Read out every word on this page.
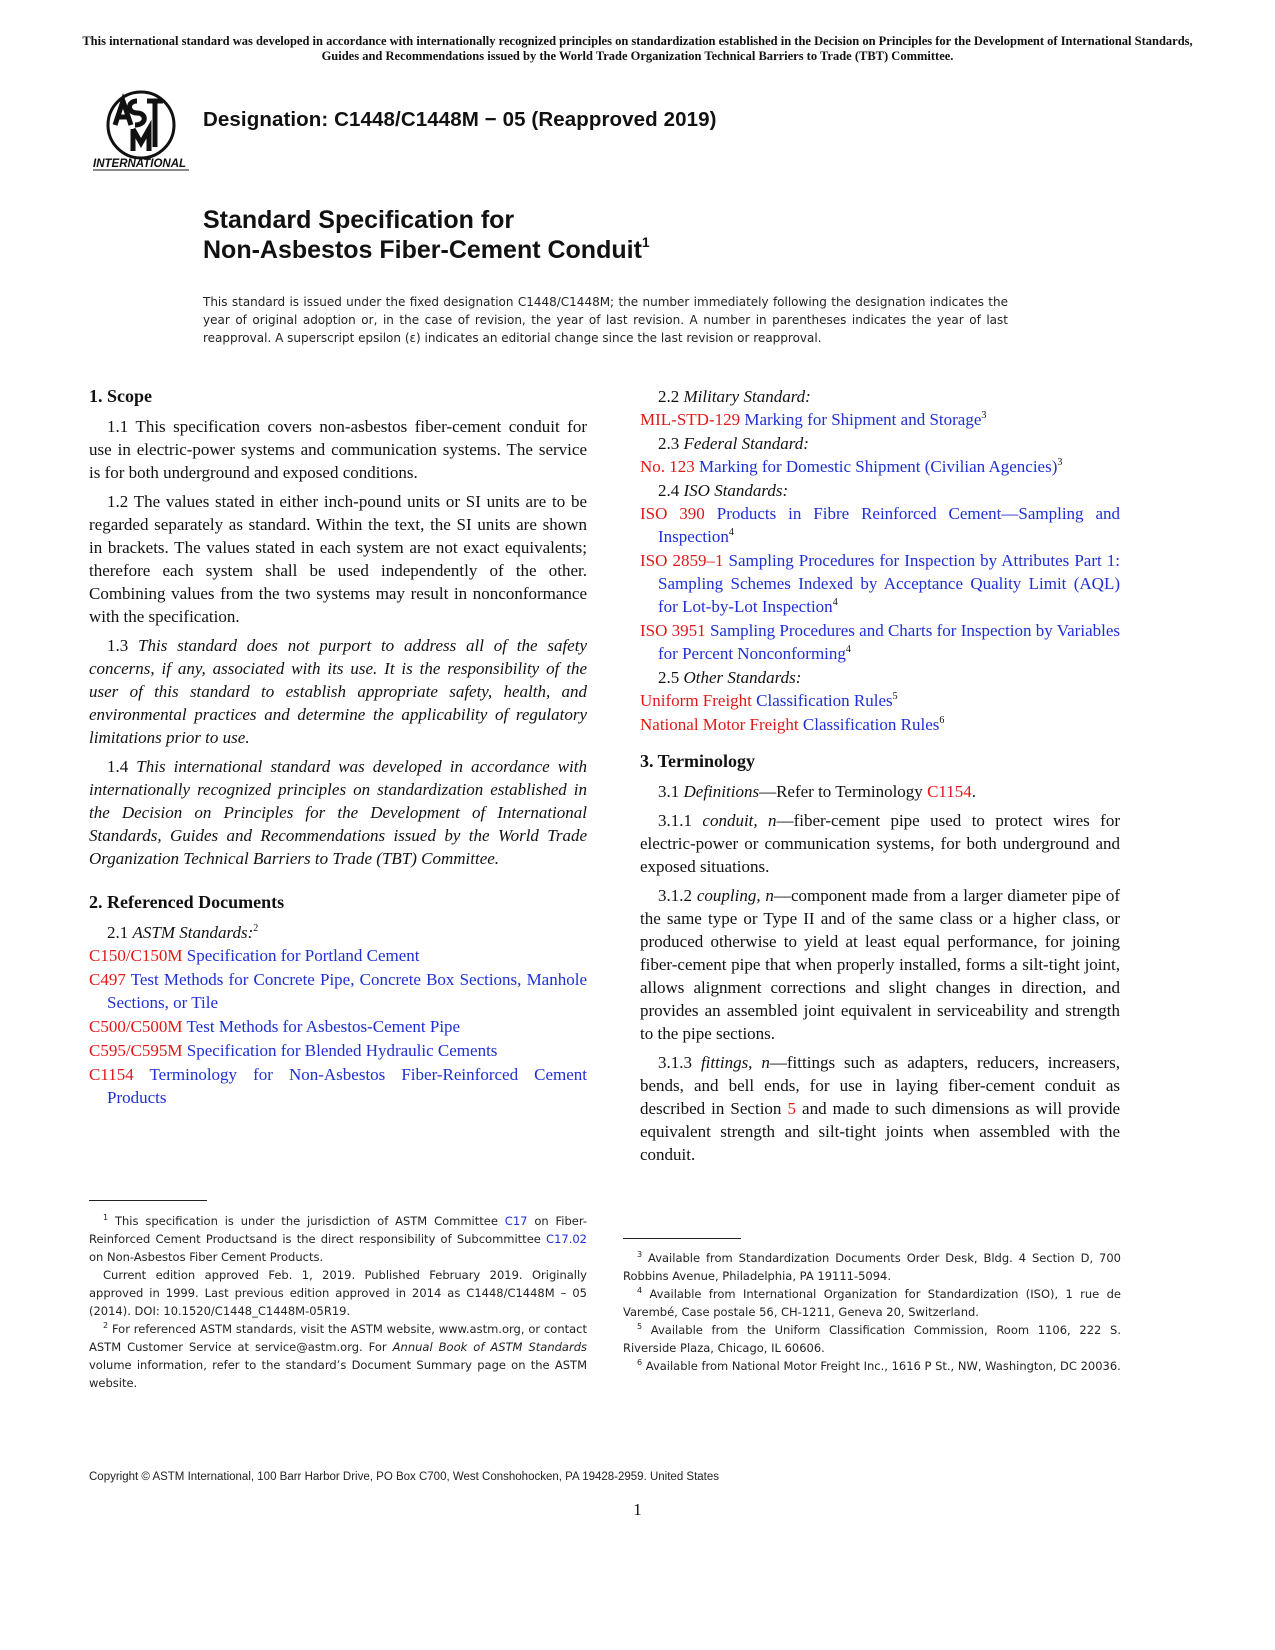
This international standard was developed in accordance with internationally recognized principles on standardization established in the Decision on Principles for the Development of International Standards, Guides and Recommendations issued by the World Trade Organization Technical Barriers to Trade (TBT) Committee.
INTERNATIONAL
Designation: C1448/C1448M − 05 (Reapproved 2019)
Standard Specification for
Non-Asbestos Fiber-Cement Conduit$^1$
This standard is issued under the fixed designation C1448/C1448M; the number immediately following the designation indicates the year of original adoption or, in the case of revision, the year of last revision. A number in parentheses indicates the year of last reapproval. A superscript epsilon (ε) indicates an editorial change since the last revision or reapproval.
1. Scope

1.1 This specification covers non-asbestos fiber-cement conduit for use in electric-power systems and communication systems. The service is for both underground and exposed conditions.

1.2 The values stated in either inch-pound units or SI units are to be regarded separately as standard. Within the text, the SI units are shown in brackets. The values stated in each system are not exact equivalents; therefore each system shall be used independently of the other. Combining values from the two systems may result in nonconformance with the specification.

1.3 This standard does not purport to address all of the safety concerns, if any, associated with its use. It is the responsibility of the user of this standard to establish appropriate safety, health, and environmental practices and determine the applicability of regulatory limitations prior to use.

1.4 This international standard was developed in accordance with internationally recognized principles on standardization established in the Decision on Principles for the Development of International Standards, Guides and Recommendations issued by the World Trade Organization Technical Barriers to Trade (TBT) Committee.

2. Referenced Documents

2.1 ASTM Standards:$^2$

C150/C150M Specification for Portland Cement

C497 Test Methods for Concrete Pipe, Concrete Box Sections, Manhole Sections, or Tile

C500/C500M Test Methods for Asbestos-Cement Pipe

C595/C595M Specification for Blended Hydraulic Cements

C1154 Terminology for Non-Asbestos Fiber-Reinforced Cement Products

2.2 Military Standard:

MIL-STD-129 Marking for Shipment and Storage$^3$

2.3 Federal Standard:

No. 123 Marking for Domestic Shipment (Civilian Agencies)$^3$

2.4 ISO Standards:

ISO 390 Products in Fibre Reinforced Cement—Sampling and Inspection$^4$

ISO 2859–1 Sampling Procedures for Inspection by Attributes Part 1: Sampling Schemes Indexed by Acceptance Quality Limit (AQL) for Lot-by-Lot Inspection$^4$

ISO 3951 Sampling Procedures and Charts for Inspection by Variables for Percent Nonconforming$^4$

2.5 Other Standards:

Uniform Freight Classification Rules$^5$

National Motor Freight Classification Rules$^6$

3. Terminology

3.1 Definitions—Refer to Terminology C1154.

3.1.1 conduit, n—fiber-cement pipe used to protect wires for electric-power or communication systems, for both underground and exposed situations.

3.1.2 coupling, n—component made from a larger diameter pipe of the same type or Type II and of the same class or a higher class, or produced otherwise to yield at least equal performance, for joining fiber-cement pipe that when properly installed, forms a silt-tight joint, allows alignment corrections and slight changes in direction, and provides an assembled joint equivalent in serviceability and strength to the pipe sections.

3.1.3 fittings, n—fittings such as adapters, reducers, increasers, bends, and bell ends, for use in laying fiber-cement conduit as described in Section 5 and made to such dimensions as will provide equivalent strength and silt-tight joints when assembled with the conduit.

$^1$ This specification is under the jurisdiction of ASTM Committee C17 on Fiber-Reinforced Cement Productsand is the direct responsibility of Subcommittee C17.02 on Non-Asbestos Fiber Cement Products.

Current edition approved Feb. 1, 2019. Published February 2019. Originally approved in 1999. Last previous edition approved in 2014 as C1448/C1448M – 05 (2014). DOI: 10.1520/C1448_C1448M-05R19.

$^2$ For referenced ASTM standards, visit the ASTM website, www.astm.org, or contact ASTM Customer Service at service@astm.org. For Annual Book of ASTM Standards volume information, refer to the standard’s Document Summary page on the ASTM website.

$^3$ Available from Standardization Documents Order Desk, Bldg. 4 Section D, 700 Robbins Avenue, Philadelphia, PA 19111-5094.

$^4$ Available from International Organization for Standardization (ISO), 1 rue de Varembé, Case postale 56, CH-1211, Geneva 20, Switzerland.

$^5$ Available from the Uniform Classification Commission, Room 1106, 222 S. Riverside Plaza, Chicago, IL 60606.

$^6$ Available from National Motor Freight Inc., 1616 P St., NW, Washington, DC 20036.

Copyright © ASTM International, 100 Barr Harbor Drive, PO Box C700, West Conshohocken, PA 19428-2959. United States
1
